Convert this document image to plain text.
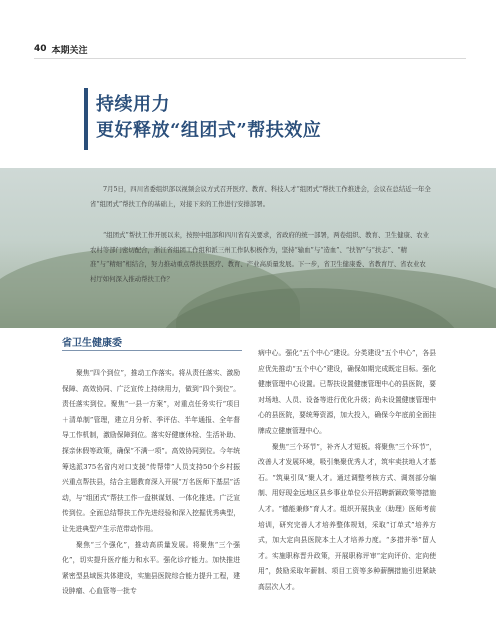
40 本期关注
持续用力
更好释放“组团式”帮扶效应
7月5日，四川省委组织部以视频会议方式召开医疗、教育、科技人才“组团式”帮扶工作推进会，会议在总结近一年全省“组团式”帮扶工作的基础上，对接下来的工作进行安排部署。
“组团式”帮扶工作开展以来，按照中组部和四川省有关要求，省政府的统一部署，两卷组织、教育、卫生健康、农业农村等部门密切配合，浙江省组团工作组和派三州工作队积极作为，坚持“输血”与“造血”、“扶智”与“扶志”、“精准”与“精细”相结合，努力推动重点帮扶县医疗、教育、产业高质量发展。下一步，省卫生健康委、省教育厅、省农业农村厅如何深入推动帮扶工作？
省卫生健康委

聚焦“四个到位”，推动工作落实。将从责任落实、激励保障、高效协同、广泛宣传上持续用力，做到“四个到位”。责任落实到位。聚焦“一县一方案”，对重点任务实行“项目＋清单制”管理，建立月分析、季评估、半年通报、全年督导工作机制，激励保障到位。落实好健康休检、生活补助、探亲休假等政策，确保“不满一项”。高效协同到位。今年统筹选派375名省内对口支援“传帮带”人员支持50个乡村振兴重点帮扶县，结合主题教育深入开展“万名医师下基层”活动，与“组团式”帮扶工作一盘棋谋划、一体化推进。广泛宣传到位。全面总结帮扶工作先进经验和深入挖掘优秀典型，让先进典型产生示范带动作用。

聚焦“三个强化”，推动高质量发展。将聚焦“三个强化”，切实提升医疗能力和水平。强化诊疗能力。加快推进紧密型县域医共体建设，实施县医院综合能力提升工程，建设肿瘤、心血管等一批专

病中心。强化“五个中心”建设。分类建设“五个中心”，各县应优先推动“五个中心”建设，确保如期完成既定目标。强化健康管理中心设置。已帮扶设置健康管理中心的县医院，要对场地、人员、设备等进行优化升级；尚未设置健康管理中心的县医院，要统筹资源，加大投入，确保今年底前全面挂牌成立健康管理中心。

聚焦“三个环节”，补齐人才短板。将聚焦“三个环节”，改善人才发展环境，吸引集聚优秀人才，筑牢卖扶地人才基石。“筑巢引凤”聚人才。通过调整考核方式、调剂部分编制、用好现金远地区县乡事业单位公开招聘新颖政策等措施人才。“德能兼修”育人才。组织开展执业（助理）医师考前培训，研究完善人才培养整体规划，采取“订单式”培养方式，加大定向县医院本土人才培养力度。“多措并举”留人才。实施职称晋升政策，开展职称评审“定向评价、定向使用”，鼓励采取年薪制、项目工资等多种薪酬措施引进紧缺高层次人才。
